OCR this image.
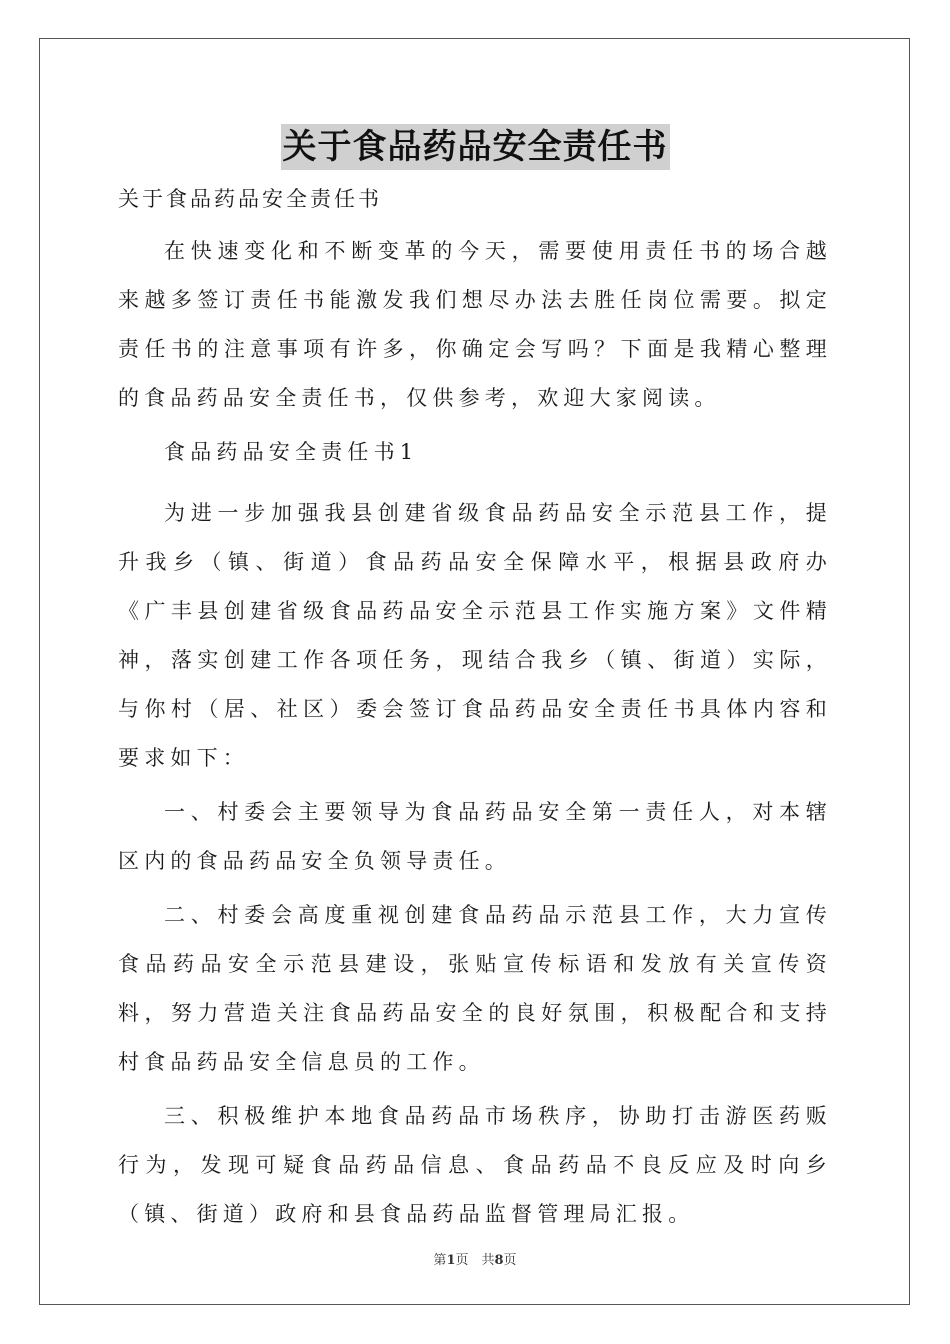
关于食品药品安全责任书

关于食品药品安全责任书

在快速变化和不断变革的今天，需要使用责任书的场合越来越多签订责任书能激发我们想尽办法去胜任岗位需要。拟定责任书的注意事项有许多，你确定会写吗？下面是我精心整理的食品药品安全责任书，仅供参考，欢迎大家阅读。

食品药品安全责任书1

为进一步加强我县创建省级食品药品安全示范县工作，提升我乡（镇、街道）食品药品安全保障水平，根据县政府办《广丰县创建省级食品药品安全示范县工作实施方案》文件精神，落实创建工作各项任务，现结合我乡（镇、街道）实际，与你村（居、社区）委会签订食品药品安全责任书具体内容和要求如下：

一、村委会主要领导为食品药品安全第一责任人，对本辖区内的食品药品安全负领导责任。

二、村委会高度重视创建食品药品示范县工作，大力宣传食品药品安全示范县建设，张贴宣传标语和发放有关宣传资料，努力营造关注食品药品安全的良好氛围，积极配合和支持村食品药品安全信息员的工作。

三、积极维护本地食品药品市场秩序，协助打击游医药贩行为，发现可疑食品药品信息、食品药品不良反应及时向乡（镇、街道）政府和县食品药品监督管理局汇报。

第1页　共8页
